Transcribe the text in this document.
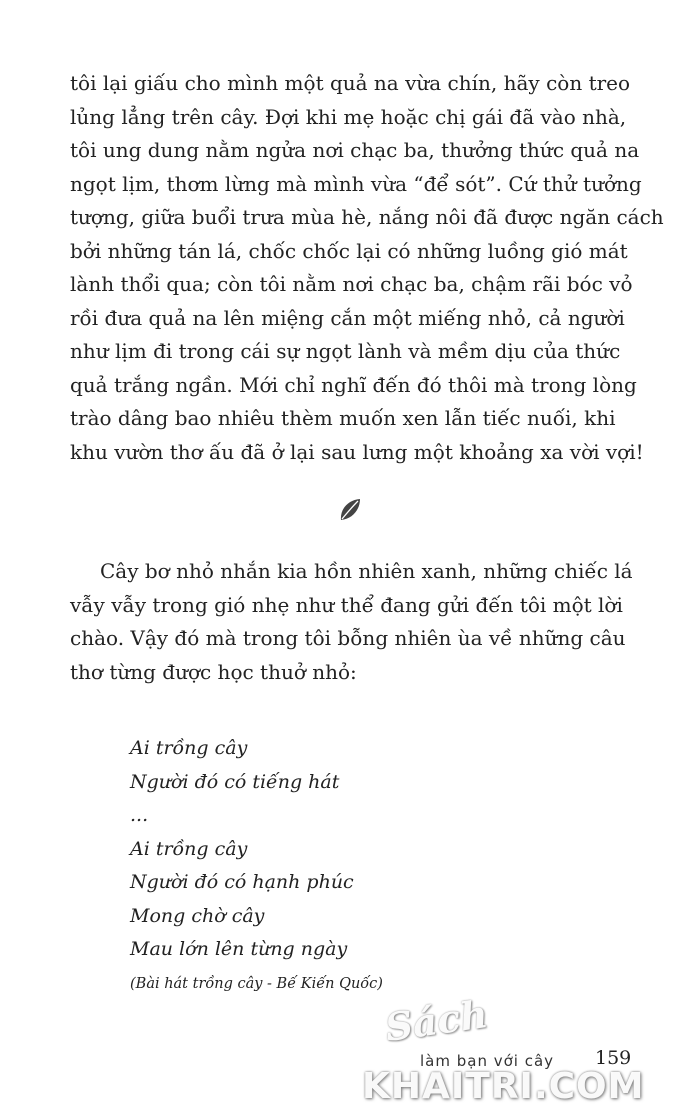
tôi lại giấu cho mình một quả na vừa chín, hãy còn treo

lủng lẳng trên cây. Đợi khi mẹ hoặc chị gái đã vào nhà,

tôi ung dung nằm ngửa nơi chạc ba, thưởng thức quả na

ngọt lịm, thơm lừng mà mình vừa “để sót”. Cứ thử tưởng

tượng, giữa buổi trưa mùa hè, nắng nôi đã được ngăn cách

bởi những tán lá, chốc chốc lại có những luồng gió mát

lành thổi qua; còn tôi nằm nơi chạc ba, chậm rãi bóc vỏ

rồi đưa quả na lên miệng cắn một miếng nhỏ, cả người

như lịm đi trong cái sự ngọt lành và mềm dịu của thức

quả trắng ngần. Mới chỉ nghĩ đến đó thôi mà trong lòng

trào dâng bao nhiêu thèm muốn xen lẫn tiếc nuối, khi

khu vườn thơ ấu đã ở lại sau lưng một khoảng xa vời vợi!

Cây bơ nhỏ nhắn kia hồn nhiên xanh, những chiếc lá

vẫy vẫy trong gió nhẹ như thể đang gửi đến tôi một lời

chào. Vậy đó mà trong tôi bỗng nhiên ùa về những câu

thơ từng được học thuở nhỏ:

Ai trồng cây

Người đó có tiếng hát

...

Ai trồng cây

Người đó có hạnh phúc

Mong chờ cây

Mau lớn lên từng ngày

(Bài hát trồng cây - Bế Kiến Quốc)

làm bạn với cây 159
Sách
KHAITRI.COM
